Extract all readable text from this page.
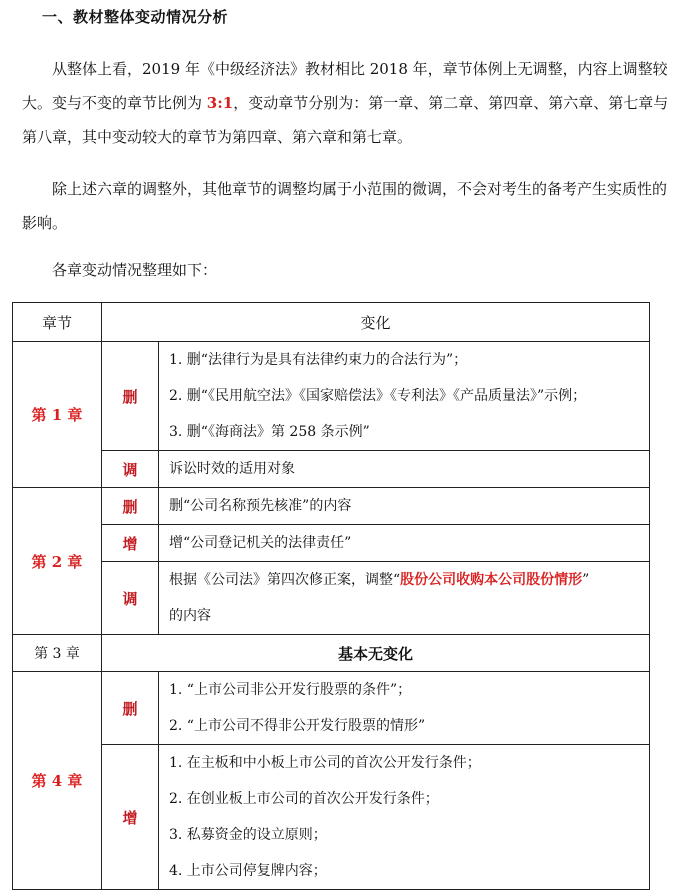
一、教材整体变动情况分析

从整体上看，2019 年《中级经济法》教材相比 2018 年，章节体例上无调整，内容上调整较大。变与不变的章节比例为 3:1，变动章节分别为：第一章、第二章、第四章、第六章、第七章与第八章，其中变动较大的章节为第四章、第六章和第七章。

除上述六章的调整外，其他章节的调整均属于小范围的微调，不会对考生的备考产生实质性的影响。

各章变动情况整理如下：

章节	变化	
第 1 章	删	1. 删“法律行为是具有法律约束力的合法行为”；
2. 删“《民用航空法》《国家赔偿法》《专利法》《产品质量法》”示例；
3. 删“《海商法》第 258 条示例”

	调	诉讼时效的适用对象

第 2 章	删	删“公司名称预先核准”的内容

	增	增“公司登记机关的法律责任”

	调	根据《公司法》第四次修正案，调整“股份公司收购本公司股份情形”
的内容

第 3 章	基本无变化	
第 4 章	删	1. “上市公司非公开发行股票的条件”；
2. “上市公司不得非公开发行股票的情形”

	增	1. 在主板和中小板上市公司的首次公开发行条件；
2. 在创业板上市公司的首次公开发行条件；
3. 私募资金的设立原则；
4. 上市公司停复牌内容；
